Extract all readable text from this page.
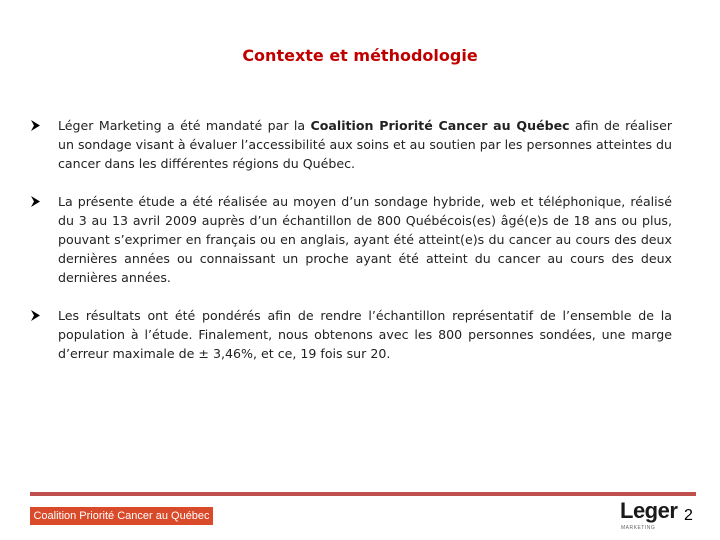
Contexte et méthodologie
Léger Marketing a été mandaté par la Coalition Priorité Cancer au Québec afin de réaliser un sondage visant à évaluer l’accessibilité aux soins et au soutien par les personnes atteintes du cancer dans les différentes régions du Québec.
La présente étude a été réalisée au moyen d’un sondage hybride, web et téléphonique, réalisé du 3 au 13 avril 2009 auprès d’un échantillon de 800 Québécois(es) âgé(e)s de 18 ans ou plus, pouvant s’exprimer en français ou en anglais, ayant été atteint(e)s du cancer au cours des deux dernières années ou connaissant un proche ayant été atteint du cancer au cours des deux dernières années.
Les résultats ont été pondérés afin de rendre l’échantillon représentatif de l’ensemble de la population à l’étude. Finalement, nous obtenons avec les 800 personnes sondées, une marge d’erreur maximale de ± 3,46%, et ce, 19 fois sur 20.
Coalition Priorité Cancer au Québec	Leger
MARKETING
2
